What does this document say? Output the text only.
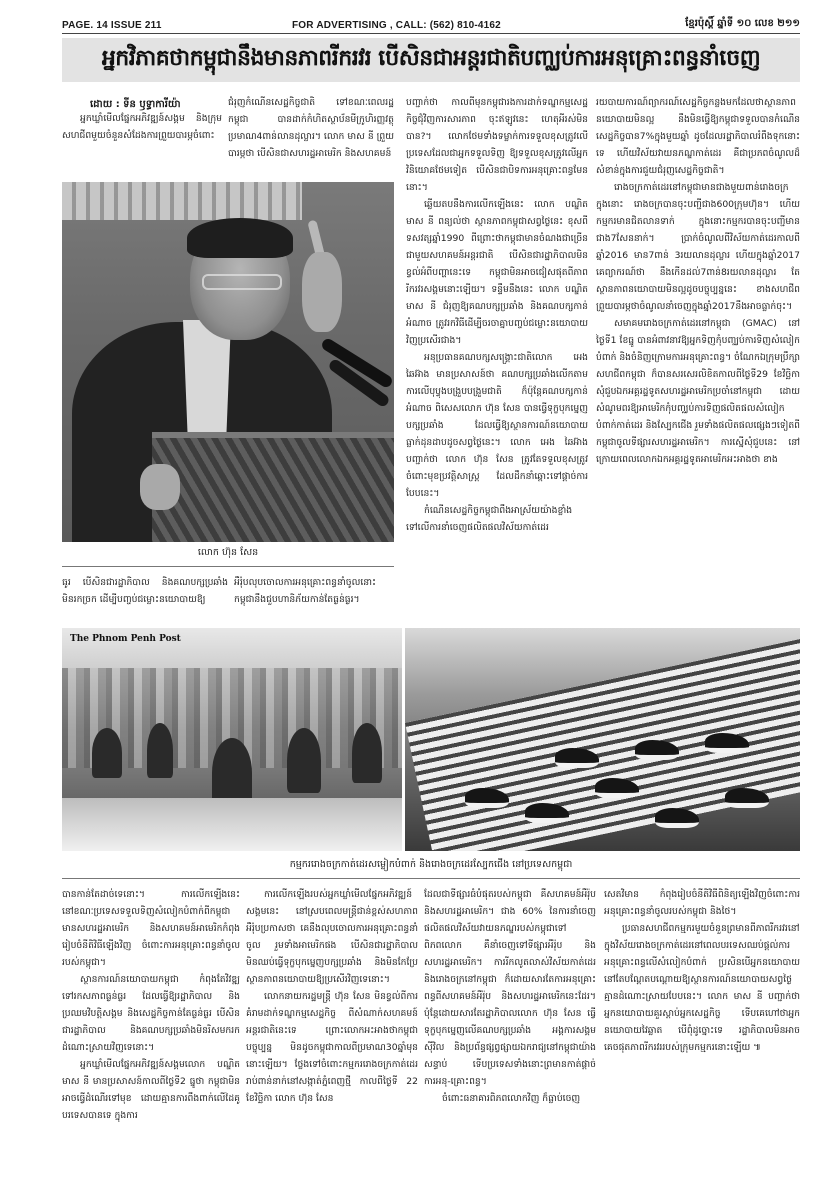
PAGE. 14 ISSUE 211	FOR ADVERTISING , CALL: (562) 810-4162	ខ្មែរប៉ុស្តិ៍ ឆ្នាំទី ១០ លេខ ២១១
អ្នកវិភាគថាកម្ពុជានឹងមានភាពរីករវរ បើសិនជាអន្តរជាតិបញ្ឈប់ការអនុគ្រោះពន្ធនាំចេញ
ដោយ : ទីន ឫទ្ធាការីយ៉ា

អ្នកឃ្លាំមើលផ្នែកអភិវឌ្ឍន៍សង្គម និងក្រុមសហជីពមួយចំនួនសំដែងការព្រួយបារម្ភចំពោះ

ជំរុញកំណើនសេដ្ឋកិច្ចជាតិ ទៅខណៈពេលរដ្ឋកម្ពុជា បានដាក់កំហិតស្ថាប័នមីក្រូហិរញ្ញវត្ថុប្រមាណ4ពាន់លានដុល្លារ។ លោក មាស នី ព្រួយបារម្ភថា បើសិនជាសហរដ្ឋអាមេរិក និងសហគមន៍

លោក ហ៊ុន សែន

ធូរ បើសិនជារដ្ឋាភិបាល និងគណបក្សប្រឆាំងមិនរកច្រក ដើម្បីបញ្ចប់ជម្លោះនយោបាយឱ្យ

អឺរ៉ុបលុបចោលការអនុគ្រោះពន្ធនាំចូលនោះ កម្ពុជានឹងជួបហានិភ័យកាន់តែធ្ងន់ធ្ងរ។

បញ្ជាក់ថា កាលពីមុនកម្ពុជារងការដាក់ទណ្ឌកម្មសេដ្ឋកិច្ចជុំវិញការសារភាព ចុះឥឡូវនេះ ហេតុអីរស់មិនបាន?។ លោកថែមទាំងទម្លាក់ការទទួលខុសត្រូវលើប្រទេសដែលជាអ្នកទទួលទិញ ឱ្យទទួលខុសត្រូវលើអ្នកវិនិយោគថែមទៀត បើសិនជាបិទការអនុគ្រោះពន្ធមែននោះ។

ឆ្លើយតបនឹងការលើកឡើងនេះ លោក បណ្ឌិត មាស នី ពន្យល់ថា ស្ថានភាពកម្ពុជាសព្វថ្ងៃនេះ ខុសពីទសវត្សឆ្នាំ1990 ពីព្រោះថាកម្ពុជាមានចំណងជាច្រើនជាមួយសហគមន៍អន្តរជាតិ បើសិនជារដ្ឋាភិបាលមិនខ្វល់អំពីបញ្ហានេះទេ កម្ពុជាមិនអាចជៀសផុតពីភាពរីករវរសង្គមនោះឡើយ។ ទន្ទឹមនឹងនេះ លោក បណ្ឌិត មាស នី ជំរុញឱ្យគណបក្សប្រឆាំង និងគណបក្សកាន់អំណាច ត្រូវរកវិធីដើម្បីចរចាគ្នាបញ្ចប់ជម្លោះនយោបាយវិញប្រសើរជាង។

អនុប្រធានគណបក្សសង្គ្រោះជាតិលោក អេង឵ ឆៃអ៊ាង មានប្រសាសន៍ថា គណបក្សប្រឆាំងលើកតាមការលើបុប្ធុងបង្រួបបង្រួមជាតិ ក៏ប៉ុន្តែគណបក្សកាន់អំណាច ពិសេសលោក ហ៊ុន សែន បានធ្វើទុក្ខបុកម្នេញបក្សប្រឆាំង ដែលធ្វើឱ្យស្ថានការណ៍នយោបាយធ្លាក់ដុនដាបដូចសព្វថ្ងៃនេះ។ លោក អេង ឆៃអ៊ាង បញ្ជាក់ថា លោក ហ៊ុន សែន ត្រូវតែទទួលខុសត្រូវចំពោះមុខប្រវត្តិសាស្ត្រ ដែលដឹកនាំឆ្ពោះទៅផ្ដាច់ការបែបនេះ។

កំណើនសេដ្ឋកិច្ចកម្ពុជាពឹងអាស្រ័យយ៉ាងខ្លាំង ទៅលើការនាំចេញផលិតផលវិស័យកាត់ដេរ

រយបាយការណ៍ព្យាករណ៍សេដ្ឋកិច្ចកន្លងមកដែលថាស្ថានភាពនយោបាយមិនល្អ នឹងមិនធ្វើឱ្យកម្ពុជាទទួលបានកំណើនសេដ្ឋកិច្ចបាន7%ក្នុងមួយឆ្នាំ ដូចដែលរដ្ឋាភិបាលរំពឹងទុកនោះទេ ហើយវិស័យវាយនភណ្ឌកាត់ដេរ គឺជាប្រភពចំណូលដ៏សំខាន់ក្នុងការជួយជំរុញសេដ្ឋកិច្ចជាតិ។

រោងចក្រកាត់ដេរនៅកម្ពុជាមានជាងមួយពាន់រោងចក្រក្នុងនោះ រោងចក្របានចុះបញ្ជីជាង600ក្រុមហ៊ុន។ ហើយកម្មករមានជិតលានទាក់ ក្នុងនោះកម្មករបានចុះបញ្ជីមានជាង7សែននាក់។ ប្រាក់ចំណូលពីវិស័យកាត់ដេរកាលពីឆ្នាំ2016 មាន7ពាន់ 3រយលានដុល្លារ ហើយក្នុងឆ្នាំ2017 គេព្យាករណ៍ថា នឹងកើនដល់7ពាន់8រយលានដុល្លារ តែស្ថានភាពនយោបាយមិនល្អដូចបច្ចុប្បន្ននេះ ខាងសហជីពព្រួយបារម្ភថាចំណូលនាំចេញក្នុងឆ្នាំ2017នឹងអាចធ្លាក់ចុះ។

សមាគមរោងចក្រកាត់ដេរនៅកម្ពុជា (GMAC) នៅថ្ងៃទី1 ខែធ្នូ បានអំពាវនាវឱ្យអ្នកទិញកុំបញ្ឈប់ការទិញសំលៀកបំពាក់ និងចំនិញក្រោមការអនុគ្រោះពន្ធ។ ចំណែកឯក្រុមប្រឹក្សាសហជីពកម្ពុជា ក៏បានសរសេរលិខិតកាលពីថ្ងៃទី29 ខែវិច្ឆិកា សុំជួបឯកអគ្គរដ្ឋទូតសហរដ្ឋអាមេរិកប្រចាំនៅកម្ពុជា ដោយសំណូមពរឱ្យអាមេរិកកុំបញ្ឈប់ការទិញផលិតផលសំលៀកបំពាក់កាត់ដេរ និងស្បែកជើង រួមទាំងផលិតផលផ្សេងៗទៀតពីកម្ពុជាចូលទីផ្សារសហរដ្ឋអាមេរិក។ ការស្នើសុំជួបនេះ នៅក្រោយពេលលោកឯកអគ្គរដ្ឋទូតអាមេរិកអះអាងថា ខាង

The Phnom Penh Post
កម្មកររោងចក្រកាត់ដេរសម្លៀកបំពាក់ និងរោងចក្រដេរស្បែកជើង នៅប្រទេសកម្ពុជា

បានកាន់តែដាច់ទេនោះ។ ការលើកឡើងនេះ នៅខណៈប្រទេសទទួលទិញសំលៀកបំពាក់ពីកម្ពុជា មានសហរដ្ឋអាមេរិក និងសហគមន៍អាមេរិកកំពុងរៀបចំនីតិវិធីឡើងវិញ ចំពោះការអនុគ្រោះពន្ធនាំចូលរបស់កម្ពុជា។

ស្ថានការណ៍នយោបាយកម្ពុជា កំពុងតែវិវឌ្ឍទៅរកសភាពធ្ងន់ធ្ងរ ដែលធ្វើឱ្យរដ្ឋាភិបាល និងប្រឈមវិបត្តិសង្គម និងសេដ្ឋកិច្ចកាន់តែធ្ងន់ធ្ងរ បើសិនជារដ្ឋាភិបាល និងគណបក្សប្រឆាំងមិនរិសមករកដំណោះស្រាយវិញទេនោះ។

អ្នកឃ្លាំមើលផ្នែកអភិវឌ្ឍន៍សង្គមលោក បណ្ឌិត មាស នី មានប្រសាសន៍កាលពីថ្ងៃទី2 ធ្នូថា កម្ពុជាមិនអាចធ្វើដំណើរទៅមុខ ដោយគ្មានការពឹងពាក់លើដៃគូបរទេសបានទេ ក្នុងការ

ការលើកឡើងរបស់អ្នកឃ្លាំមើលផ្នែកអភិវឌ្ឍន៍សង្គមនេះ នៅស្របពេលមន្ត្រីជាន់ខ្ពស់សហភាពអឺរ៉ុបប្រកាសថា គេនឹងលុបចោលការអនុគ្រោះពន្ធនាំចូល រួមទាំងអាមេរិកផង បើសិនជារដ្ឋាភិបាលមិនឈប់ធ្វើទុក្ខបុកម្នេញបក្សប្រឆាំង និងមិនកែប្រែស្ថានភាពនយោបាយឱ្យប្រសើរវិញទេនោះ។

លោកនាយករដ្ឋមន្ត្រី ហ៊ុន សែន មិនខ្វល់ពីការគំរាមដាក់ទណ្ឌកម្មសេដ្ឋកិច្ច ពីសំណាក់សហគមន៍អន្តរជាតិនេះទេ ព្រោះលោកអះអាងថាកម្ពុជាបច្ចុប្បន្ន មិនដូចកម្ពុជាកាលពីប្រមាណ30ឆ្នាំមុននោះឡើយ។ ថ្លែងទៅចំពោះកម្មកររោងចក្រកាត់ដេររាប់ពាន់នាក់នៅសង្កាត់ភ្នំពេញថ្មី កាលពីថ្ងៃទី 22 ខែវិច្ឆិកា លោក ហ៊ុន សែន

ដែលជាទីផ្សារធំបំផុតរបស់កម្ពុជា គឺសហគមន៍អឺរ៉ុប និងសហរដ្ឋអាមេរិក។ ជាង 60% នៃការនាំចេញផលិតផលវិស័យវាយនភណ្ឌរបស់កម្ពុជាទៅពិភពលោក គឺនាំចេញទៅទីផ្សារអឺរ៉ុប និងសហរដ្ឋអាមេរិក។ ការរីកលូតលាស់វិស័យកាត់ដេរ និងរោងចក្រនៅកម្ពុជា ក៏ដោយសារតែការអនុគ្រោះពន្ធពីសហគមន៍អឺរ៉ុប និងសហរដ្ឋអាមេរិកនេះដែរ។ ប៉ុន្តែដោយសារតែរដ្ឋាភិបាលលោក ហ៊ុន សែន ធ្វើទុក្ខបុកម្នេញលើគណបក្សប្រឆាំង អង្គការសង្គមស៊ីវិល និងប្រព័ន្ធផ្សព្វផ្សាយឯករាជ្យនៅកម្ពុជាយ៉ាងសន្ធាប់ ទើបប្រទេសទាំងនោះព្រមានកាត់ផ្ដាច់ការអនុ-គ្រោះពន្ធ។

ចំពោះធនាគារពិភពលោកវិញ ក៏ធ្លាប់ចេញ

សេតវិមាន កំពុងរៀបចំនីតិវិធីពិនិត្យឡើងវិញចំពោះការអនុគ្រោះពន្ធនាំចូលរបស់កម្ពុជា និងថៃ។

ប្រធានសហជីពកម្មករមួយចំនួនព្រមានពីភាពរីករវរនៅក្នុងវិស័យរោងចក្រកាត់ដេរនៅពេលបរទេសឈប់ផ្ដល់ការអនុគ្រោះពន្ធលើសំលៀកបំពាក់ ប្រសិនបើអ្នកនយោបាយនៅតែបណ្ដែតបណ្ដោយឱ្យស្ថានការណ៍នយោបាយសព្វថ្ងៃ គ្មានដំណោះស្រាយបែបនេះ។ លោក មាស នី បញ្ជាក់ថា អ្នកនយោបាយគួរស្ដាប់អ្នកសេដ្ឋកិច្ច ទើបគេហៅថាអ្នកនយោបាយវៃឆ្លាត បើពុំដូច្នោះទេ រដ្ឋាភិបាលមិនអាចគេចផុតភាពរីករវររបស់ក្រុមកម្មករនោះឡើយ ៕
